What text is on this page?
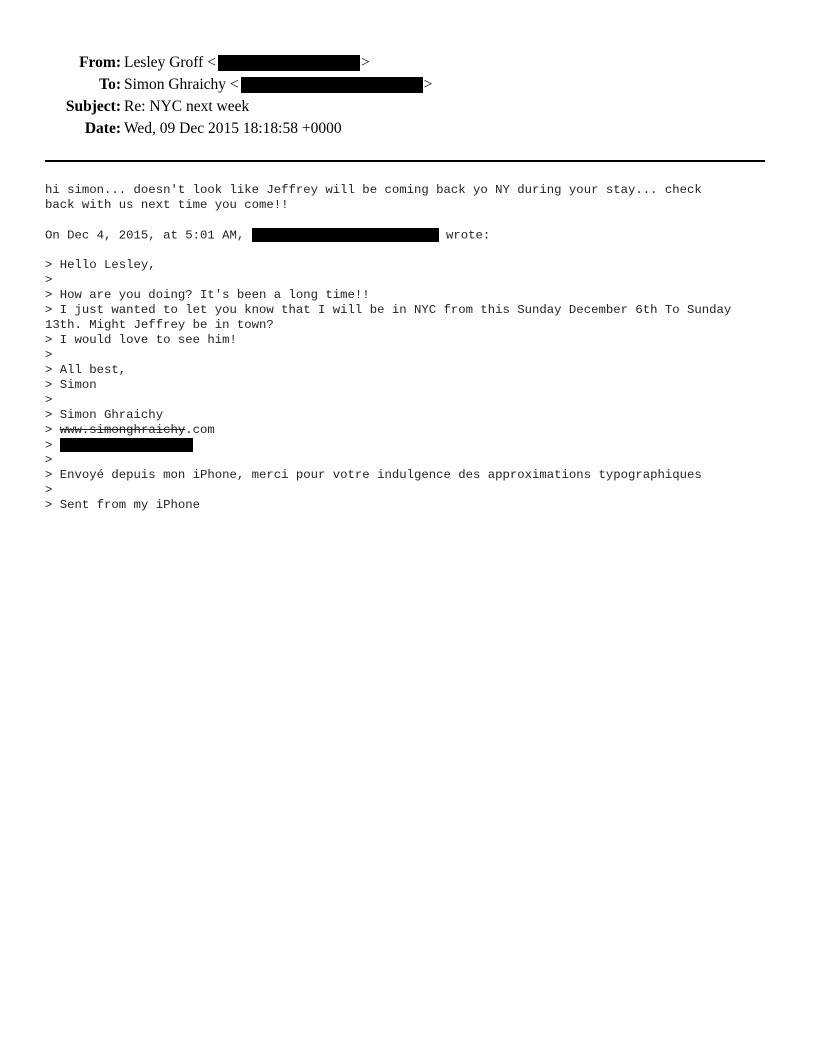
From: Lesley Groff <	>
To: Simon Ghraichy <	>
Subject: Re: NYC next week
Date: Wed, 09 Dec 2015 18:18:58 +0000
hi simon... doesn't look like Jeffrey will be coming back yo NY during your stay... check
back with us next time you come!!
On Dec 4, 2015, at 5:01 AM,	wrote:
> Hello Lesley,
>
> How are you doing? It's been a long time!!
> I just wanted to let you know that I will be in NYC from this Sunday December 6th To Sunday
13th. Might Jeffrey be in town?
> I would love to see him!
>
> All best,
> Simon
>
> Simon Ghraichy
> www.simonghraichy.com
>
>
> Envoyé depuis mon iPhone, merci pour votre indulgence des approximations typographiques
>
> Sent from my iPhone
